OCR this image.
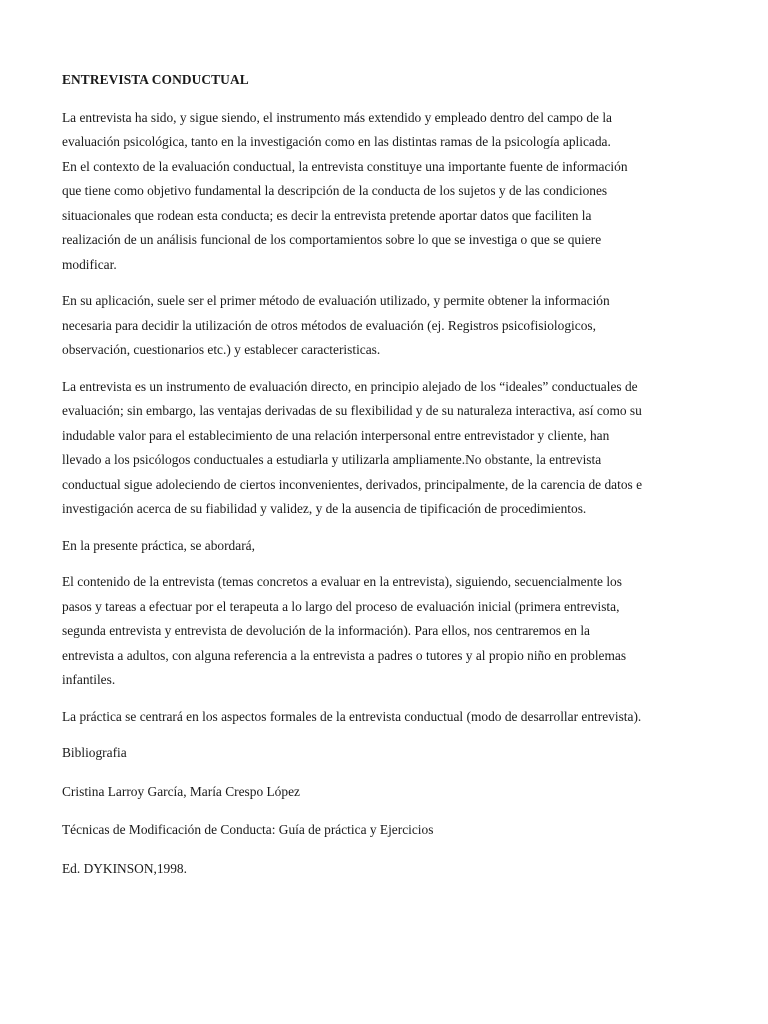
ENTREVISTA CONDUCTUAL
La entrevista ha sido, y sigue siendo, el instrumento más extendido y empleado dentro del campo de la
evaluación psicológica, tanto en la investigación como en las distintas ramas de la psicología aplicada.
En el contexto de la evaluación conductual, la entrevista constituye una importante fuente de información
que tiene como objetivo fundamental la descripción de la conducta de los sujetos y de las condiciones
situacionales que rodean esta conducta; es decir la entrevista pretende aportar datos que faciliten la
realización de un análisis funcional de los comportamientos sobre lo que se investiga o que se quiere
modificar.
En su aplicación, suele ser el primer método de evaluación utilizado, y permite obtener la información
necesaria para decidir la utilización de otros métodos de evaluación (ej. Registros psicofisiologicos,
observación, cuestionarios etc.) y establecer caracteristicas.
La entrevista es un instrumento de evaluación directo, en principio alejado de los “ideales” conductuales de
evaluación; sin embargo, las ventajas derivadas de su flexibilidad y de su naturaleza interactiva, así como su
indudable valor para el establecimiento de una relación interpersonal entre entrevistador y cliente, han
llevado a los psicólogos conductuales a estudiarla y utilizarla ampliamente.No obstante, la entrevista
conductual sigue adoleciendo de ciertos inconvenientes, derivados, principalmente, de la carencia de datos e
investigación acerca de su fiabilidad y validez, y de la ausencia de tipificación de procedimientos.
En la presente práctica, se abordará,
El contenido de la entrevista (temas concretos a evaluar en la entrevista), siguiendo, secuencialmente los
pasos y tareas a efectuar por el terapeuta a lo largo del proceso de evaluación inicial (primera entrevista,
segunda entrevista y entrevista de devolución de la información). Para ellos, nos centraremos en la
entrevista a adultos, con alguna referencia a la entrevista a padres o tutores y al propio niño en problemas
infantiles.
La práctica se centrará en los aspectos formales de la entrevista conductual (modo de desarrollar entrevista).
Bibliografia
Cristina Larroy García, María Crespo López
Técnicas de Modificación de Conducta: Guía de práctica y Ejercicios
Ed. DYKINSON,1998.
